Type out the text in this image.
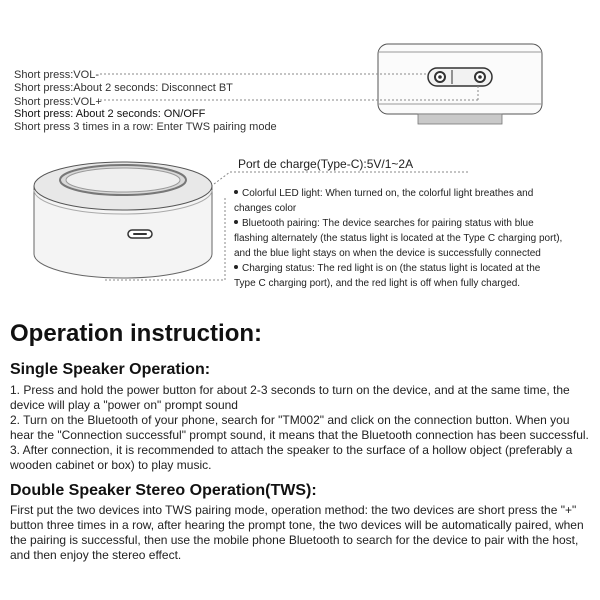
Short press:VOL-
Short press:About 2 seconds: Disconnect BT
Short press:VOL+
Short press: About 2 seconds: ON/OFF
Short press 3 times in a row: Enter TWS pairing mode
Port de charge(Type-C):5V/1~2A
Colorful LED light: When turned on, the colorful light breathes and changes color
Bluetooth pairing: The device searches for pairing status with blue flashing alternately (the status light is located at the Type C charging port), and the blue light stays on when the device is successfully connected
Charging status: The red light is on (the status light is located at the Type C charging port), and the red light is off when fully charged.
Operation instruction:
Single Speaker Operation:

1. Press and hold the power button for about 2-3 seconds to turn on the device, and at the same time, the device will play a "power on" prompt sound

2. Turn on the Bluetooth of your phone, search for "TM002" and click on the connection button. When you hear the "Connection successful" prompt sound, it means that the Bluetooth connection has been successful.

3. After connection, it is recommended to attach the speaker to the surface of a hollow object (preferably a wooden cabinet or box) to play music.

Double Speaker Stereo Operation(TWS):
First put the two devices into TWS pairing mode, operation method: the two devices are short press the "+" button three times in a row, after hearing the prompt tone, the two devices will be automatically paired, when the pairing is successful, then use the mobile phone Bluetooth to search for the device to pair with the host, and then enjoy the stereo effect.
